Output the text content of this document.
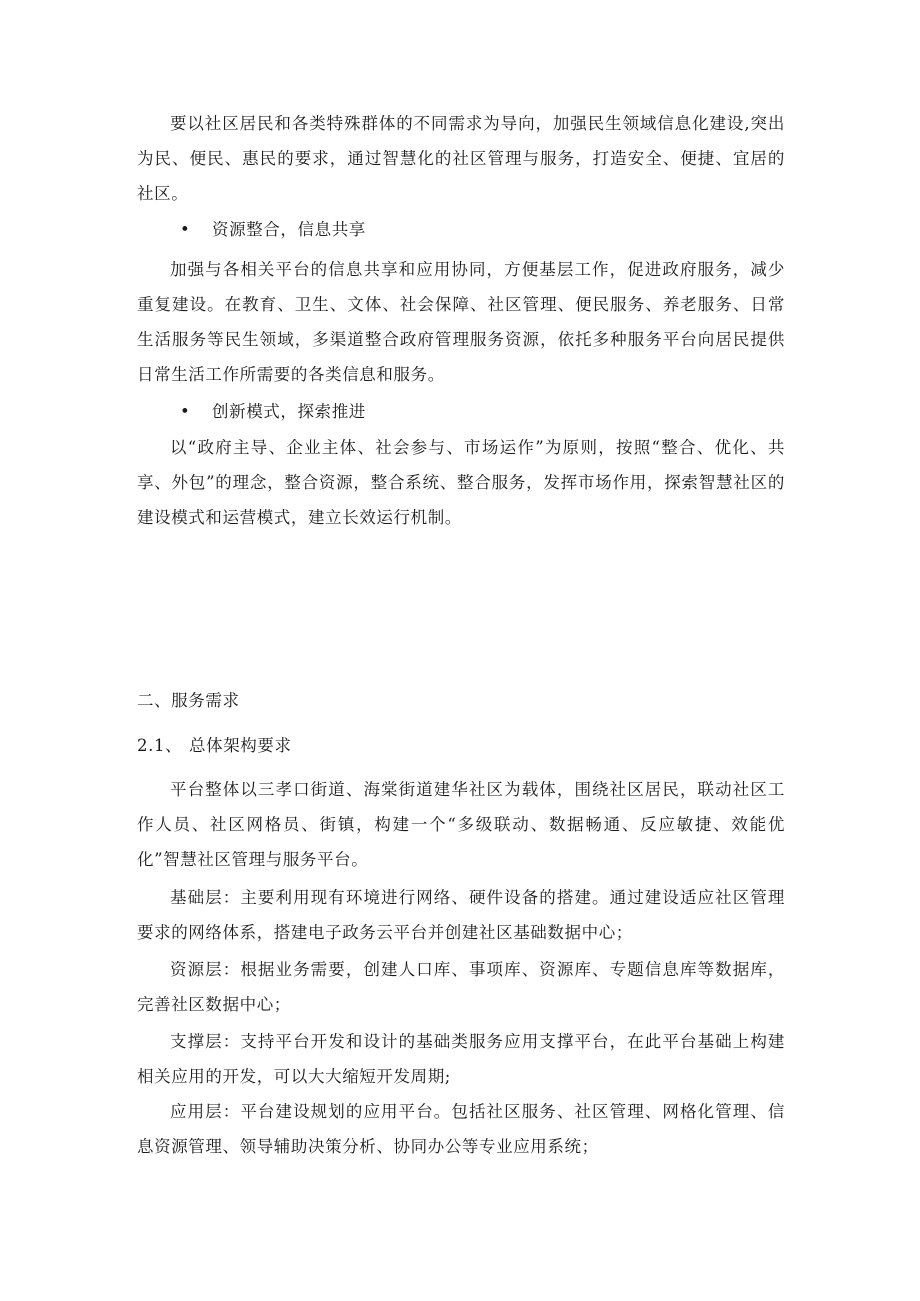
要以社区居民和各类特殊群体的不同需求为导向，加强民生领域信息化建设,突出为民、便民、惠民的要求，通过智慧化的社区管理与服务，打造安全、便捷、宜居的社区。

• 资源整合，信息共享

加强与各相关平台的信息共享和应用协同，方便基层工作，促进政府服务，减少重复建设。在教育、卫生、文体、社会保障、社区管理、便民服务、养老服务、日常生活服务等民生领域，多渠道整合政府管理服务资源，依托多种服务平台向居民提供日常生活工作所需要的各类信息和服务。

• 创新模式，探索推进

以“政府主导、企业主体、社会参与、市场运作”为原则，按照“整合、优化、共享、外包”的理念，整合资源，整合系统、整合服务，发挥市场作用，探索智慧社区的建设模式和运营模式，建立长效运行机制。

二、服务需求

2.1、 总体架构要求

平台整体以三孝口街道、海棠街道建华社区为载体，围绕社区居民，联动社区工作人员、社区网格员、街镇，构建一个“多级联动、数据畅通、反应敏捷、效能优化”智慧社区管理与服务平台。

基础层：主要利用现有环境进行网络、硬件设备的搭建。通过建设适应社区管理要求的网络体系，搭建电子政务云平台并创建社区基础数据中心；

资源层：根据业务需要，创建人口库、事项库、资源库、专题信息库等数据库，完善社区数据中心；

支撑层：支持平台开发和设计的基础类服务应用支撑平台，在此平台基础上构建相关应用的开发，可以大大缩短开发周期;

应用层：平台建设规划的应用平台。包括社区服务、社区管理、网格化管理、信息资源管理、领导辅助决策分析、协同办公等专业应用系统；
